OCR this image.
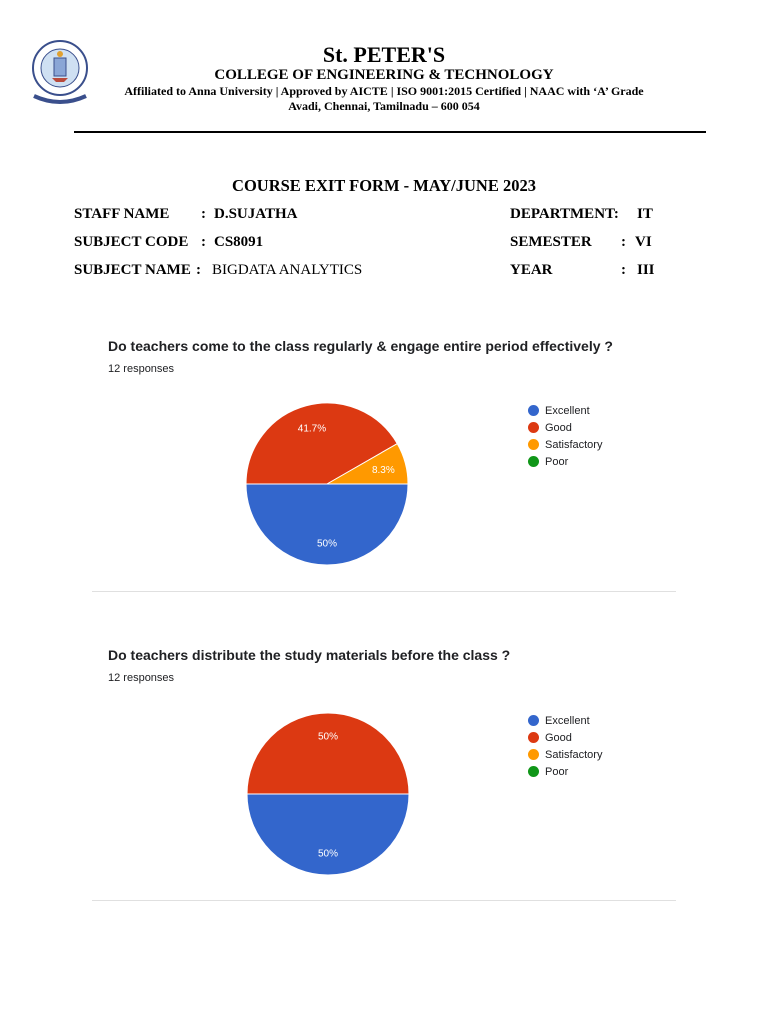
St. PETER'S
COLLEGE OF ENGINEERING & TECHNOLOGY
Affiliated to Anna University | Approved by AICTE | ISO 9001:2015 Certified | NAAC with ‘A’ Grade
Avadi, Chennai, Tamilnadu – 600 054
COURSE EXIT FORM - MAY/JUNE 2023
STAFF NAME : D.SUJATHA
SUBJECT CODE : CS8091
SUBJECT NAME : BIGDATA ANALYTICS
DEPARTMENT: IT
SEMESTER : VI
YEAR	: III
Do teachers come to the class regularly & engage entire period effectively ?
12 responses
50%
41.7%
8.3%
Excellent
Good
Satisfactory
Poor
Do teachers distribute the study materials before the class ?
12 responses
50%
50%
Excellent
Good
Satisfactory
Poor
